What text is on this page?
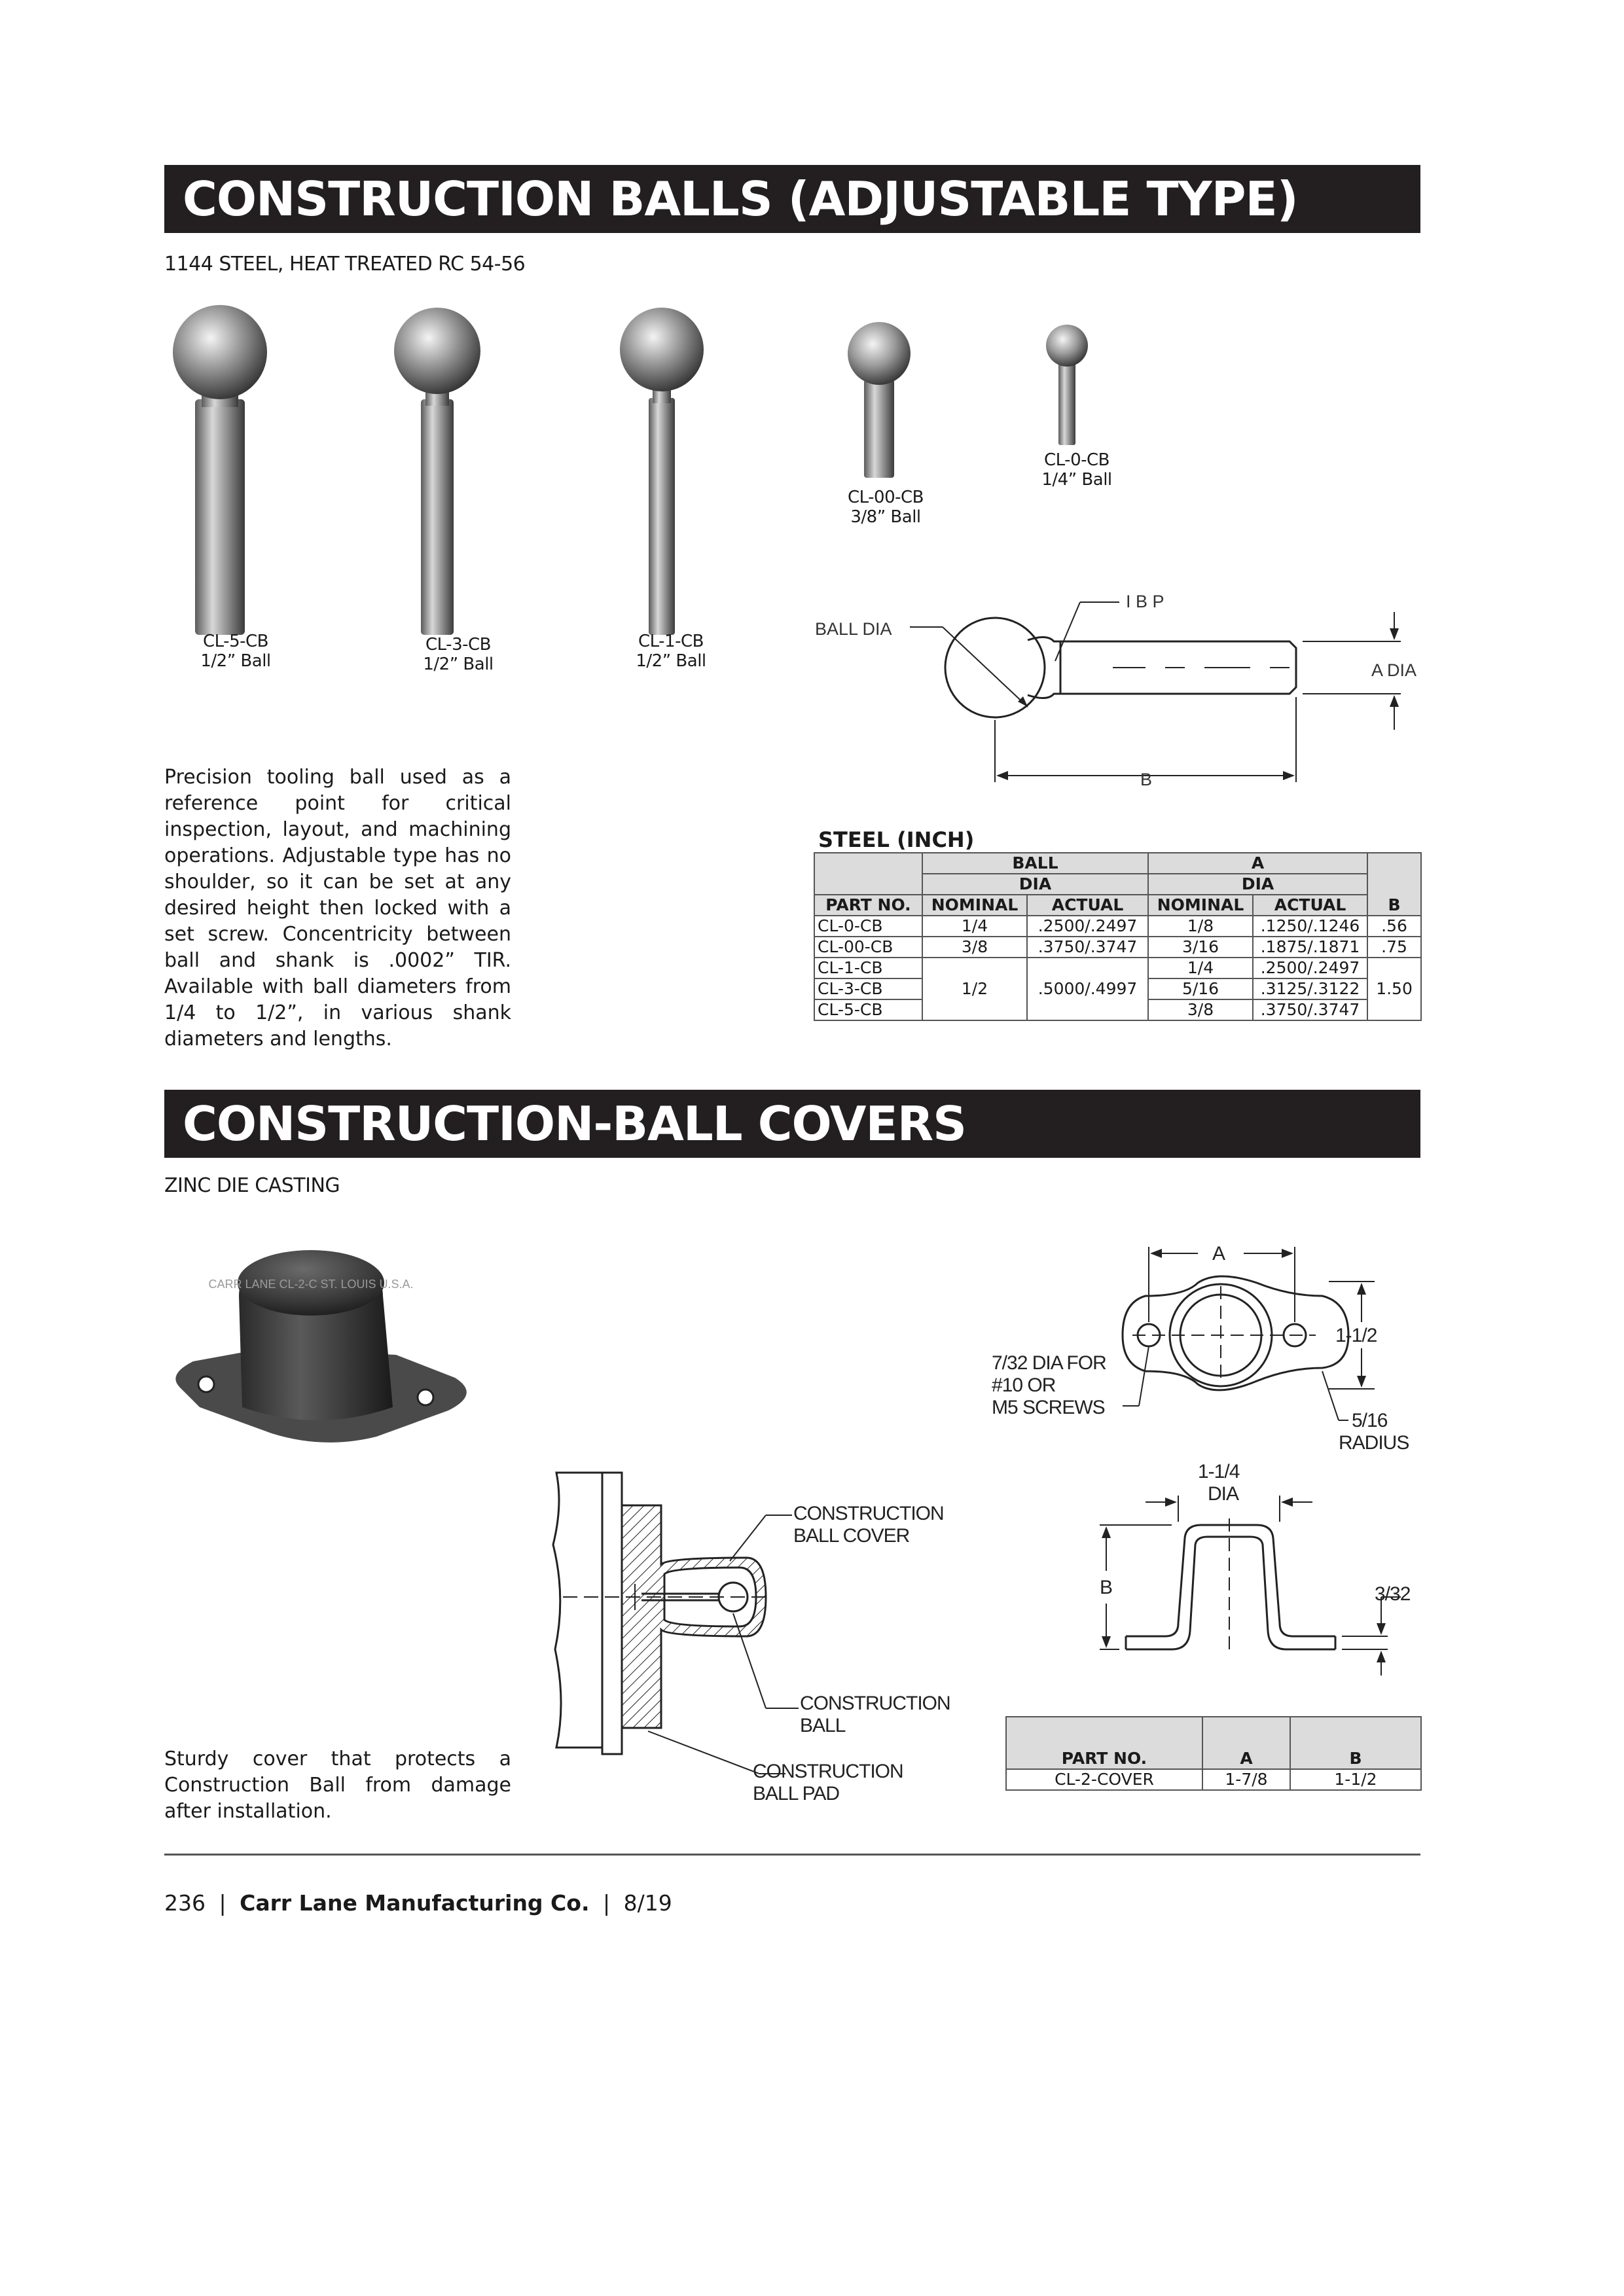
CONSTRUCTION BALLS (ADJUSTABLE TYPE)
1144 STEEL, HEAT TREATED RC 54-56
CL-5-CB
1/2” Ball
CL-3-CB
1/2” Ball
CL-1-CB
1/2” Ball
CL-00-CB
3/8” Ball
CL-0-CB
1/4” Ball
BALL DIA
I B P
A DIA
B
Precision tooling ball used as a reference point for critical inspection, layout, and machining operations. Adjustable type has no shoulder, so it can be set at any desired height then locked with a set screw. Concentricity between ball and shank is .0002” TIR. Available with ball diameters from 1/4 to 1/2”, in various shank diameters and lengths.
STEEL (INCH)
	BALL		A		B
	DIA		DIA		
PART NO.	NOMINAL	ACTUAL	NOMINAL	ACTUAL	
CL-0-CB	1/4	.2500/.2497	1/8	.1250/.1246	.56
CL-00-CB	3/8	.3750/.3747	3/16	.1875/.1871	.75
CL-1-CB	1/2	.5000/.4997	1/4	.2500/.2497	1.50
CL-3-CB			5/16	.3125/.3122	
CL-5-CB			3/8	.3750/.3747	
CONSTRUCTION-BALL COVERS
ZINC DIE CASTING
CARR LANE CL-2-C ST. LOUIS U.S.A.
CONSTRUCTION
BALL COVER
CONSTRUCTION
BALL
CONSTRUCTION
BALL PAD
A
1-1/2
7/32 DIA FOR
#10 OR
M5 SCREWS
5/16
RADIUS
1-1/4
DIA
B	3/32
Sturdy cover that protects a Construction Ball from damage after installation.
PART NO.	A	B
CL-2-COVER	1-7/8	1-1/2
236 | Carr Lane Manufacturing Co. | 8/19
